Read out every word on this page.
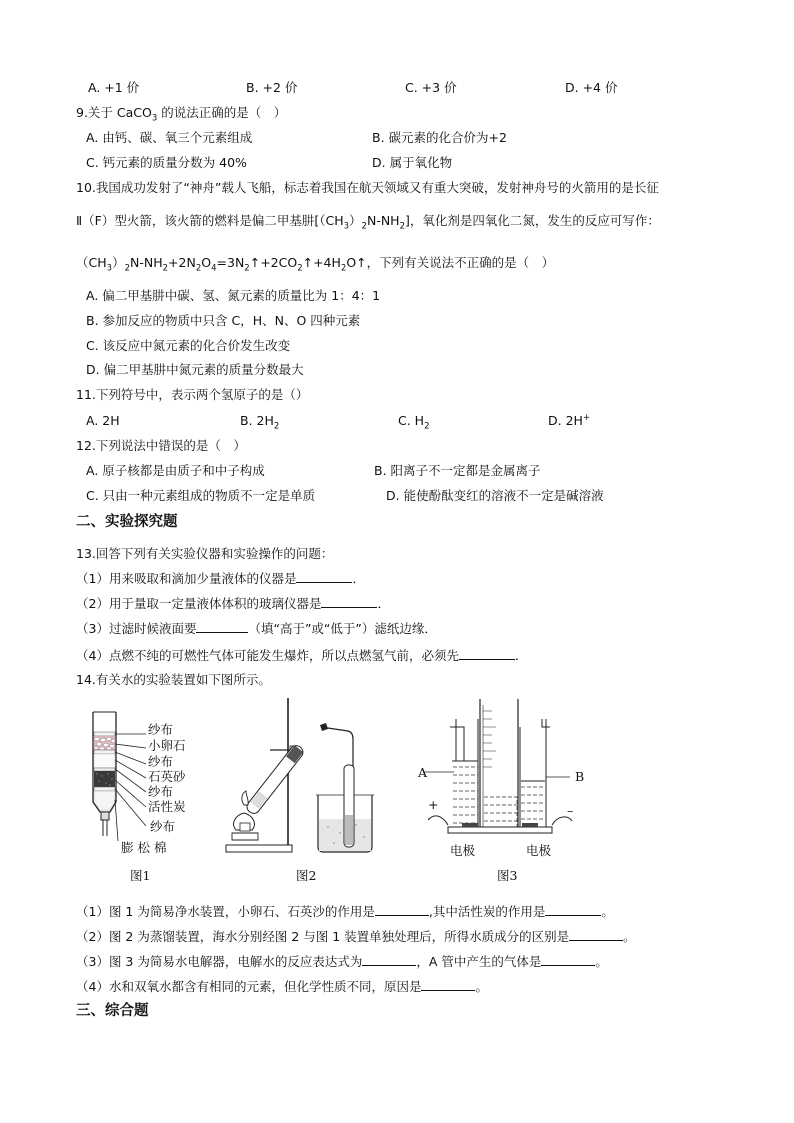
A. +1 价	B. +2 价	C. +3 价	D. +4 价
9.关于 CaCO$_3$ 的说法正确的是（　）
A. 由钙、碳、氧三个元素组成	B. 碳元素的化合价为+2
C. 钙元素的质量分数为 40%	D. 属于氧化物
10.我国成功发射了“神舟”载人飞船，标志着我国在航天领域又有重大突破，发射神舟号的火箭用的是长征
Ⅱ（F）型火箭，该火箭的燃料是偏二甲基肼$[(CH_3)_2N-NH_2]$，氧化剂是四氧化二氮，发生的反应可写作：
$(CH_3)_2N-NH_2+2N_2O_4=3N_2↑+2CO_2↑+4H_2O↑$，下列有关说法不正确的是（　）
A. 偏二甲基肼中碳、氢、氮元素的质量比为 1：4：1
B. 参加反应的物质中只含 C，H、N、O 四种元素
C. 该反应中氮元素的化合价发生改变
D. 偏二甲基肼中氮元素的质量分数最大
11.下列符号中，表示两个氢原子的是（）
A. 2H	B. $2H_2$	C. $H_2$	D. 2H+
12.下列说法中错误的是（　）
A. 原子核都是由质子和中子构成	B. 阳离子不一定都是金属离子
C. 只由一种元素组成的物质不一定是单质	D. 能使酚酞变红的溶液不一定是碱溶液
二、实验探究题
13.回答下列有关实验仪器和实验操作的问题：
（1）用来吸取和滴加少量液体的仪器是	．
（2）用于量取一定量液体体积的玻璃仪器是	．
（3）过滤时候液面要	（填“高于”或“低于”）滤纸边缘．
（4）点燃不纯的可燃性气体可能发生爆炸，所以点燃氢气前，必须先	．
14.有关水的实验装置如下图所示。
纱布
小卵石
纱布
石英砂
纱布
活性炭
纱布
膨 松 棉
图1	图2
A	B
+	–
电极	电极
图3
（1）图 1 为简易净水装置，小卵石、石英沙的作用是	,其中活性炭的作用是	。
（2）图 2 为蒸馏装置，海水分别经图 2 与图 1 装置单独处理后，所得水质成分的区别是	。
（3）图 3 为简易水电解器，电解水的反应表达式为	，A 管中产生的气体是	。
（4）水和双氧水都含有相同的元素，但化学性质不同，原因是	。
三、综合题
